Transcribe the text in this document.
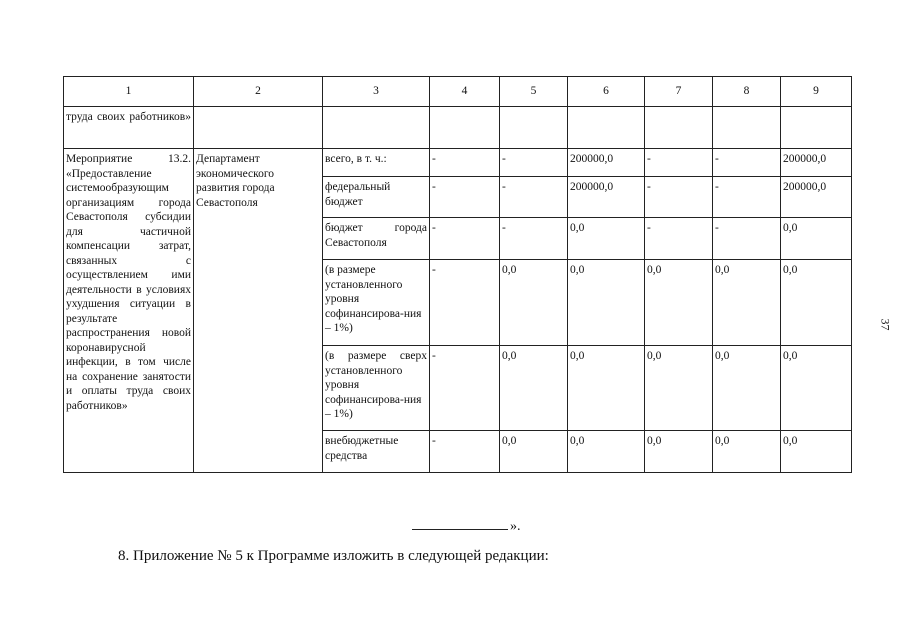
1	2	3	4	5	6	7	8	9
труда своих работников»								
Мероприятие 13.2. «Предоставление системообразующим организациям города Севастополя субсидии для частичной компенсации затрат, связанных с осуществлением ими деятельности в условиях ухудшения ситуации в результате распространения новой коронавирусной инфекции, в том числе на сохранение занятости и оплаты труда своих работников»	Департамент экономического развития города Севастополя	всего, в т. ч.:	-	-	200000,0	-	-	200000,0
		федеральный бюджет	-	-	200000,0	-	-	200000,0
		бюджет города Севастополя	-	-	0,0	-	-	0,0
		(в размере установленного уровня софинансирова-ния – 1%)	-	0,0	0,0	0,0	0,0	0,0
		(в размере сверх установленного уровня софинансирова-ния – 1%)	-	0,0	0,0	0,0	0,0	0,0
		внебюджетные средства	-	0,0	0,0	0,0	0,0	0,0
37
».
8. Приложение № 5 к Программе изложить в следующей редакции:
